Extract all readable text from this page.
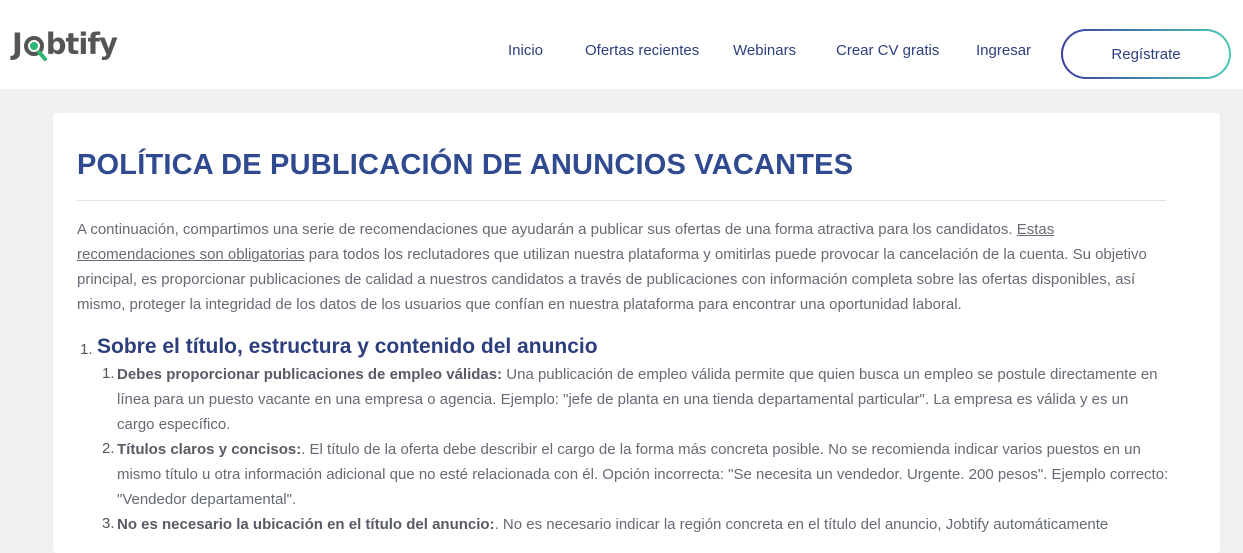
J btify	Inicio	Ofertas recientes Webinars	Crear CV gratis Ingresar	Regístrate
POLÍTICA DE PUBLICACIÓN DE ANUNCIOS VACANTES

A continuación, compartimos una serie de recomendaciones que ayudarán a publicar sus ofertas de una forma atractiva para los candidatos. Estas recomendaciones son obligatorias para todos los reclutadores que utilizan nuestra plataforma y omitirlas puede provocar la cancelación de la cuenta. Su objetivo principal, es proporcionar publicaciones de calidad a nuestros candidatos a través de publicaciones con información completa sobre las ofertas disponibles, así mismo, proteger la integridad de los datos de los usuarios que confían en nuestra plataforma para encontrar una oportunidad laboral.

1. Sobre el título, estructura y contenido del anuncio
1. Debes proporcionar publicaciones de empleo válidas: Una publicación de empleo válida permite que quien busca un empleo se postule directamente en línea para un puesto vacante en una empresa o agencia. Ejemplo: "jefe de planta en una tienda departamental particular". La empresa es válida y es un cargo específico.

2. Títulos claros y concisos:. El título de la oferta debe describir el cargo de la forma más concreta posible. No se recomienda indicar varios puestos en un mismo título u otra información adicional que no esté relacionada con él. Opción incorrecta: "Se necesita un vendedor. Urgente. 200 pesos". Ejemplo correcto: "Vendedor departamental".

3. No es necesario la ubicación en el título del anuncio:. No es necesario indicar la región concreta en el título del anuncio, Jobtify automáticamente
